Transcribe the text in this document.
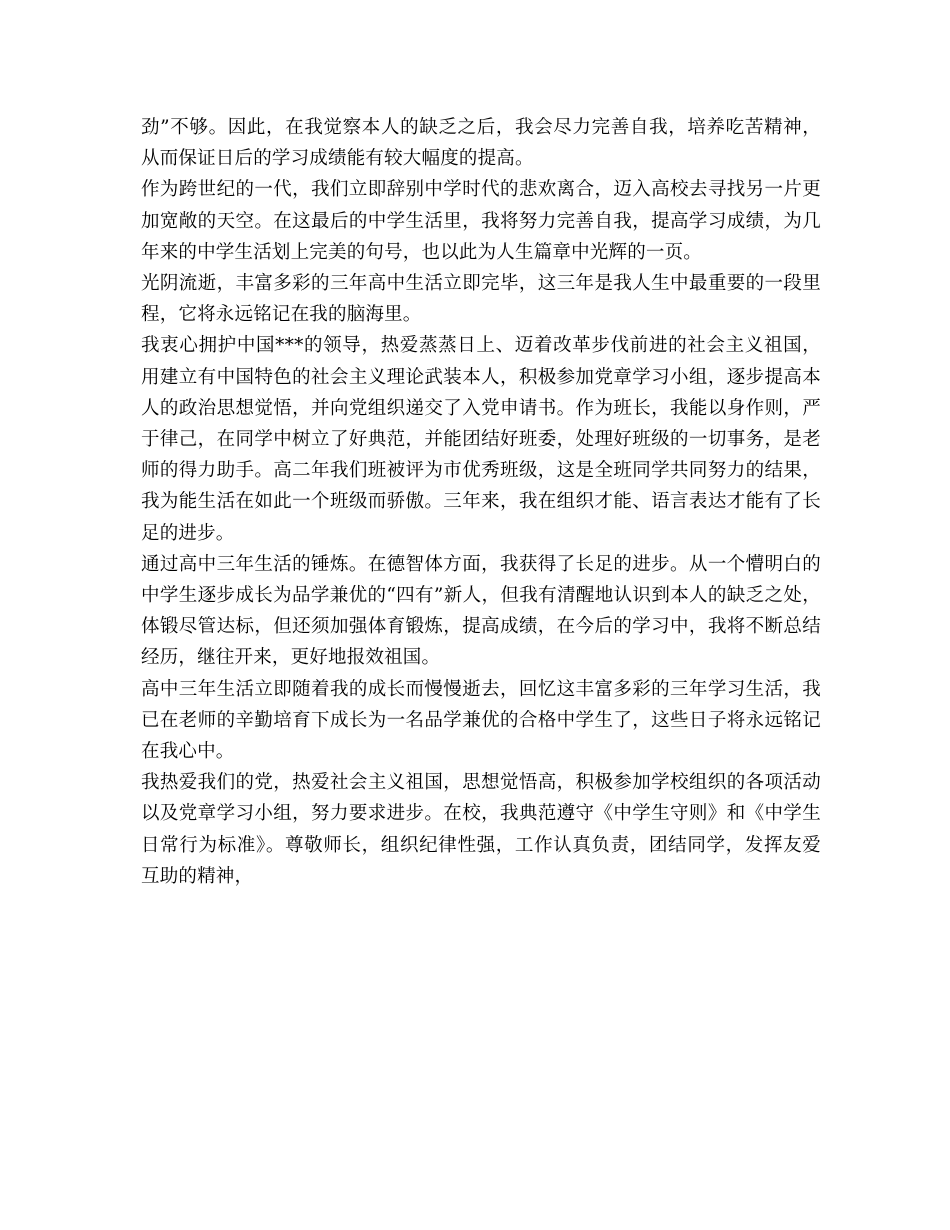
劲”不够。因此，在我觉察本人的缺乏之后，我会尽力完善自我，培养吃苦精神，从而保证日后的学习成绩能有较大幅度的提高。

作为跨世纪的一代，我们立即辞别中学时代的悲欢离合，迈入高校去寻找另一片更加宽敞的天空。在这最后的中学生活里，我将努力完善自我，提高学习成绩，为几年来的中学生活划上完美的句号，也以此为人生篇章中光辉的一页。

光阴流逝，丰富多彩的三年高中生活立即完毕，这三年是我人生中最重要的一段里程，它将永远铭记在我的脑海里。

我衷心拥护中国***的领导，热爱蒸蒸日上、迈着改革步伐前进的社会主义祖国，用建立有中国特色的社会主义理论武装本人，积极参加党章学习小组，逐步提高本人的政治思想觉悟，并向党组织递交了入党申请书。作为班长，我能以身作则，严于律己，在同学中树立了好典范，并能团结好班委，处理好班级的一切事务，是老师的得力助手。高二年我们班被评为市优秀班级，这是全班同学共同努力的结果，我为能生活在如此一个班级而骄傲。三年来，我在组织才能、语言表达才能有了长足的进步。

通过高中三年生活的锤炼。在德智体方面，我获得了长足的进步。从一个懵明白的中学生逐步成长为品学兼优的“四有”新人，但我有清醒地认识到本人的缺乏之处，体锻尽管达标，但还须加强体育锻炼，提高成绩，在今后的学习中，我将不断总结经历，继往开来，更好地报效祖国。

高中三年生活立即随着我的成长而慢慢逝去，回忆这丰富多彩的三年学习生活，我已在老师的辛勤培育下成长为一名品学兼优的合格中学生了，这些日子将永远铭记在我心中。

我热爱我们的党，热爱社会主义祖国，思想觉悟高，积极参加学校组织的各项活动以及党章学习小组，努力要求进步。在校，我典范遵守《中学生守则》和《中学生日常行为标准》。尊敬师长，组织纪律性强，工作认真负责，团结同学，发挥友爱互助的精神，
